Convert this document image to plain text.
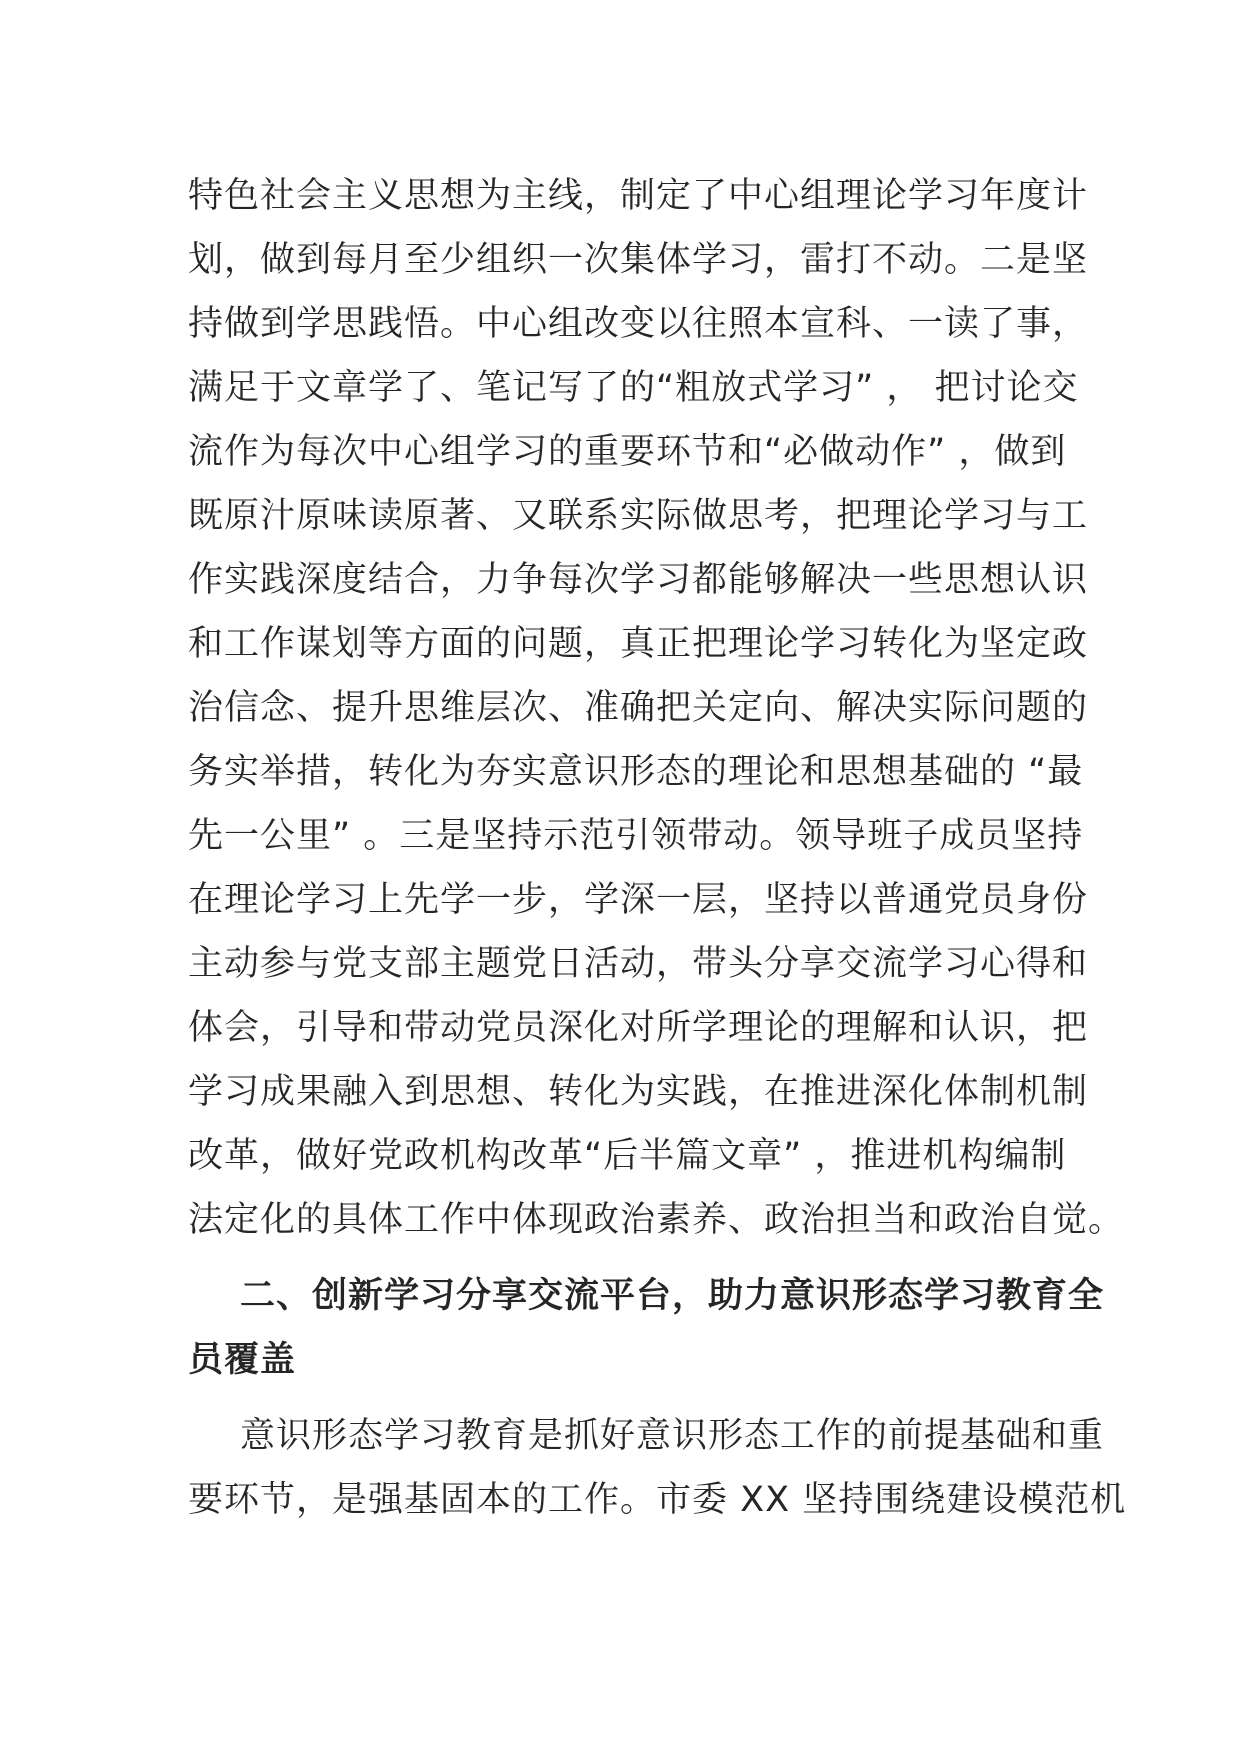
特色社会主义思想为主线，制定了中心组理论学习年度计
划，做到每月至少组织一次集体学习，雷打不动。二是坚
持做到学思践悟。中心组改变以往照本宣科、一读了事，
满足于文章学了、笔记写了的“粗放式学习” ， 把讨论交
流作为每次中心组学习的重要环节和“必做动作” ，做到
既原汁原味读原著、又联系实际做思考，把理论学习与工
作实践深度结合，力争每次学习都能够解决一些思想认识
和工作谋划等方面的问题，真正把理论学习转化为坚定政
治信念、提升思维层次、准确把关定向、解决实际问题的
务实举措，转化为夯实意识形态的理论和思想基础的 “最
先一公里” 。三是坚持示范引领带动。领导班子成员坚持
在理论学习上先学一步，学深一层，坚持以普通党员身份
主动参与党支部主题党日活动，带头分享交流学习心得和
体会，引导和带动党员深化对所学理论的理解和认识，把
学习成果融入到思想、转化为实践，在推进深化体制机制
改革，做好党政机构改革“后半篇文章” ，推进机构编制
法定化的具体工作中体现政治素养、政治担当和政治自觉。
二、创新学习分享交流平台，助力意识形态学习教育全
员覆盖
意识形态学习教育是抓好意识形态工作的前提基础和重
要环节，是强基固本的工作。市委 XX 坚持围绕建设模范机
